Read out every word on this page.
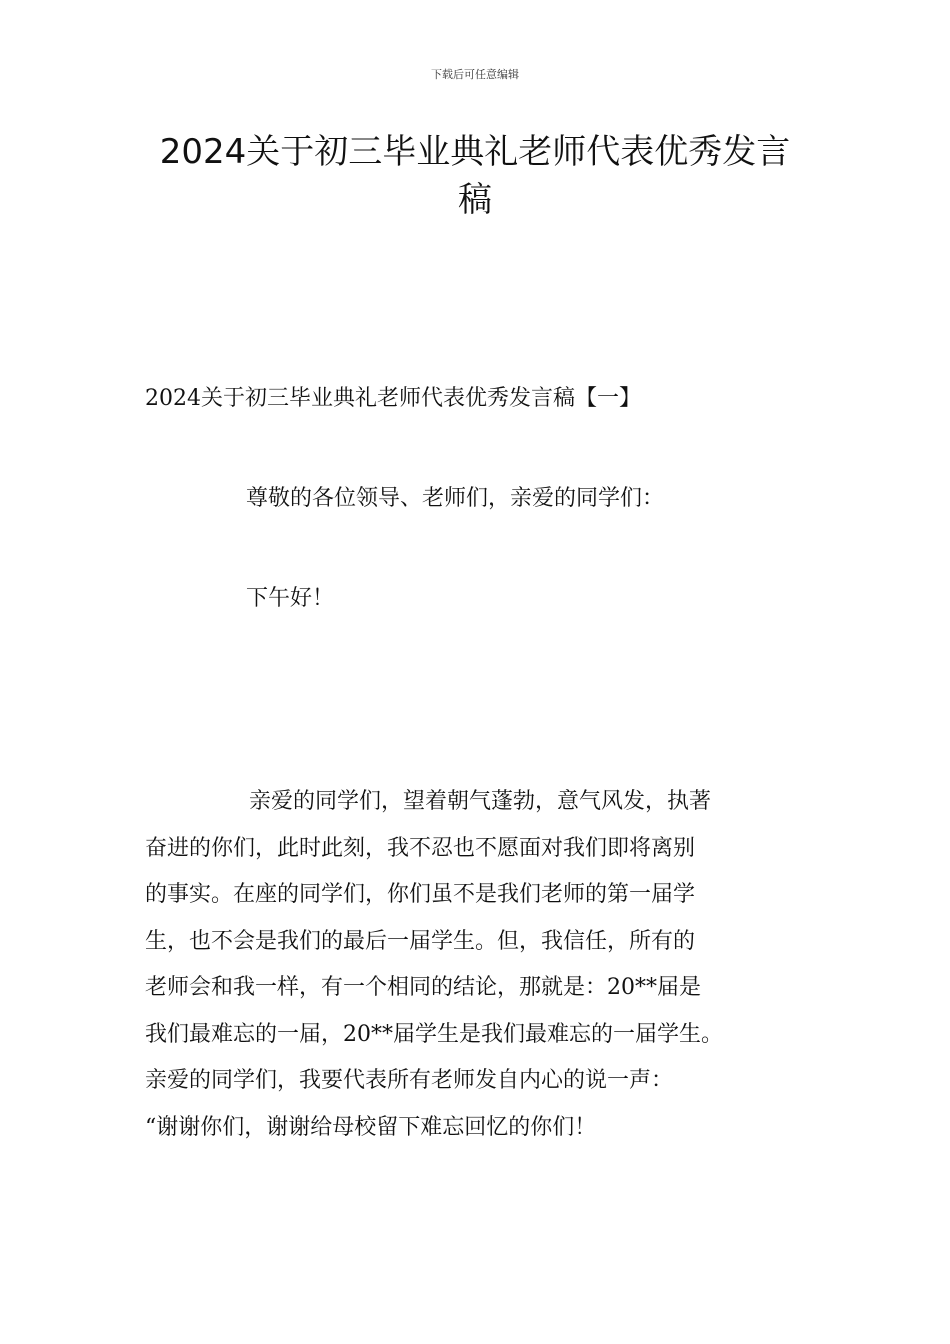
下载后可任意编辑
2024关于初三毕业典礼老师代表优秀发言
稿
2024关于初三毕业典礼老师代表优秀发言稿【一】
尊敬的各位领导、老师们，亲爱的同学们：
下午好！
亲爱的同学们，望着朝气蓬勃，意气风发，执著
奋进的你们，此时此刻，我不忍也不愿面对我们即将离别
的事实。在座的同学们，你们虽不是我们老师的第一届学
生，也不会是我们的最后一届学生。但，我信任，所有的
老师会和我一样，有一个相同的结论，那就是：20**届是
我们最难忘的一届，20**届学生是我们最难忘的一届学生。
亲爱的同学们，我要代表所有老师发自内心的说一声：
“谢谢你们，谢谢给母校留下难忘回忆的你们！
